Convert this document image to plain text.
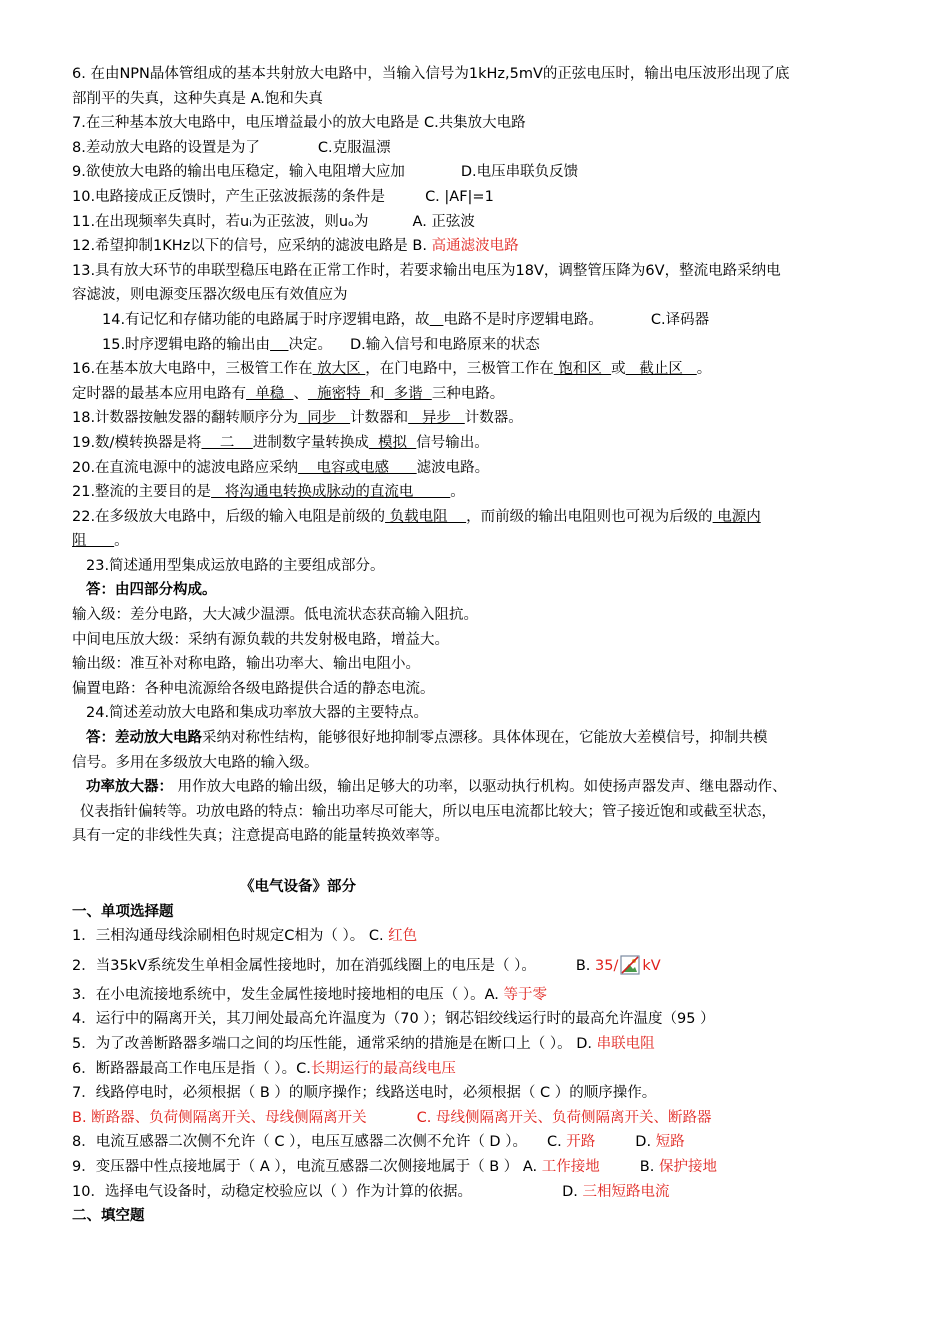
6. 在由NPN晶体管组成的基本共射放大电路中，当输入信号为1kHz,5mV的正弦电压时，输出电压波形出现了底
部削平的失真，这种失真是 A.饱和失真
7.在三种基本放大电路中，电压增益最小的放大电路是 C.共集放大电路
8.差动放大电路的设置是为了	C.克服温漂
9.欲使放大电路的输出电压稳定，输入电阻增大应加	D.电压串联负反馈
10.电路接成正反馈时，产生正弦波振荡的条件是	C. |AF|=1
11.在出现频率失真时，若uᵢ为正弦波，则uₒ为	A. 正弦波
12.希望抑制1KHz以下的信号，应采纳的滤波电路是 B. 高通滤波电路
13.具有放大环节的串联型稳压电路在正常工作时，若要求输出电压为18V，调整管压降为6V，整流电路采纳电
容滤波，则电源变压器次级电压有效值应为
14.有记忆和存储功能的电路属于时序逻辑电路，故 电路不是时序逻辑电路。	C.译码器
15.时序逻辑电路的输出由 决定。 D.输入信号和电路原来的状态
16.在基本放大电路中，三极管工作在 放大区 ，在门电路中，三极管工作在 饱和区  或   截止区   。
定时器的最基本应用电路有  单稳  、  施密特  和  多谐  三种电路。
18.计数器按触发器的翻转顺序分为  同步   计数器和   异步   计数器。
19.数/模转换器是将    二    进制数字量转换成  模拟  信号输出。
20.在直流电源中的滤波电路应采纳    电容或电感      滤波电路。
21.整流的主要目的是   将沟通电转换成脉动的直流电        。
22.在多级放大电路中，后级的输入电阻是前级的 负载电阻    ，而前级的输出电阻则也可视为后级的 电源内
阻      。
23.简述通用型集成运放电路的主要组成部分。
答：由四部分构成。
输入级：差分电路，大大减少温漂。低电流状态获高输入阻抗。
中间电压放大级：采纳有源负载的共发射极电路，增益大。
输出级：准互补对称电路，输出功率大、输出电阻小。
偏置电路：各种电流源给各级电路提供合适的静态电流。
24.简述差动放大电路和集成功率放大器的主要特点。
答：差动放大电路采纳对称性结构，能够很好地抑制零点漂移。具体体现在，它能放大差模信号，抑制共模
信号。多用在多级放大电路的输入级。
功率放大器： 用作放大电路的输出级，输出足够大的功率，以驱动执行机构。如使扬声器发声、继电器动作、
仪表指针偏转等。功放电路的特点：输出功率尽可能大，所以电压电流都比较大；管子接近饱和或截至状态，
具有一定的非线性失真；注意提高电路的能量转换效率等。
《电气设备》部分
一、单项选择题
1．三相沟通母线涂刷相色时规定C相为（ ）。 C. 红色
2．当35kV系统发生单相金属性接地时，加在消弧线圈上的电压是（ ）。	B. 35/ kV
3．在小电流接地系统中，发生金属性接地时接地相的电压（ ）。A. 等于零
4．运行中的隔离开关，其刀闸处最高允许温度为（70 ）；钢芯铝绞线运行时的最高允许温度（95 ）
5．为了改善断路器多端口之间的均压性能，通常采纳的措施是在断口上（ ）。 D. 串联电阻
6．断路器最高工作电压是指（ ）。C.长期运行的最高线电压
7．线路停电时，必须根据（ B ）的顺序操作；线路送电时，必须根据（ C ）的顺序操作。
B. 断路器、负荷侧隔离开关、母线侧隔离开关	C. 母线侧隔离开关、负荷侧隔离开关、断路器
8．电流互感器二次侧不允许（ C ），电压互感器二次侧不允许（ D ）。 C. 开路	D. 短路
9．变压器中性点接地属于（ A ），电流互感器二次侧接地属于（ B ） A. 工作接地	B. 保护接地
10．选择电气设备时，动稳定校验应以（ ）作为计算的依据。	D. 三相短路电流
二、填空题
